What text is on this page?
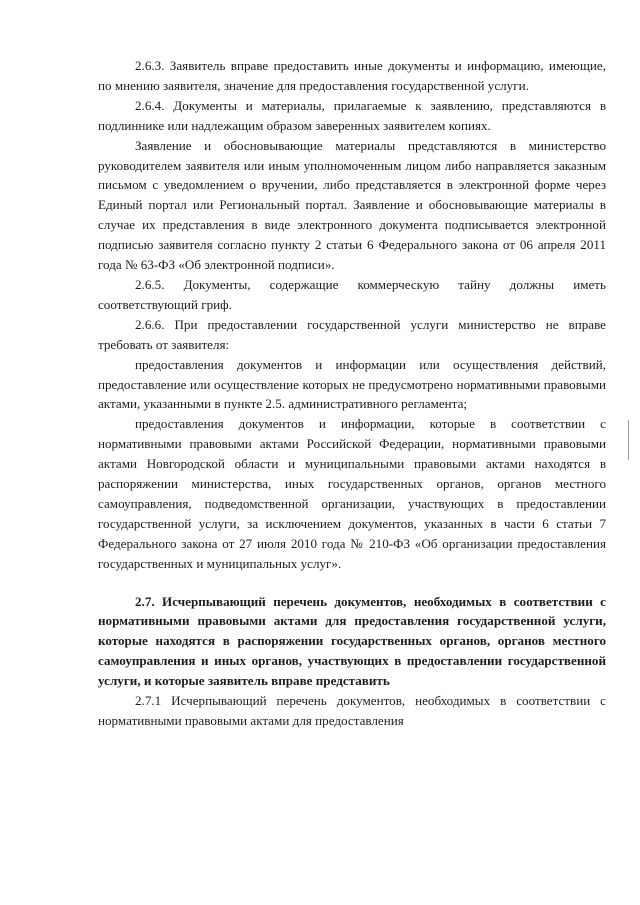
2.6.3. Заявитель вправе предоставить иные документы и информацию, имеющие, по мнению заявителя, значение для предоставления государственной услуги.

2.6.4. Документы и материалы, прилагаемые к заявлению, представляются в подлиннике или надлежащим образом заверенных заявителем копиях.

Заявление и обосновывающие материалы представляются в министерство руководителем заявителя или иным уполномоченным лицом либо направляется заказным письмом с уведомлением о вручении, либо представляется в электронной форме через Единый портал или Региональный портал. Заявление и обосновывающие материалы в случае их представления в виде электронного документа подписывается электронной подписью заявителя согласно пункту 2 статьи 6 Федерального закона от 06 апреля 2011 года № 63-ФЗ «Об электронной подписи».

2.6.5. Документы, содержащие коммерческую тайну должны иметь соответствующий гриф.

2.6.6. При предоставлении государственной услуги министерство не вправе требовать от заявителя:

предоставления документов и информации или осуществления действий, предоставление или осуществление которых не предусмотрено нормативными правовыми актами, указанными в пункте 2.5. административного регламента;

предоставления документов и информации, которые в соответствии с нормативными правовыми актами Российской Федерации, нормативными правовыми актами Новгородской области и муниципальными правовыми актами находятся в распоряжении министерства, иных государственных органов, органов местного самоуправления, подведомственной организации, участвующих в предоставлении государственной услуги, за исключением документов, указанных в части 6 статьи 7 Федерального закона от 27 июля 2010 года № 210-ФЗ «Об организации предоставления государственных и муниципальных услуг».

2.7. Исчерпывающий перечень документов, необходимых в соответствии с нормативными правовыми актами для предоставления государственной услуги, которые находятся в распоряжении государственных органов, органов местного самоуправления и иных органов, участвующих в предоставлении государственной услуги, и которые заявитель вправе представить

2.7.1 Исчерпывающий перечень документов, необходимых в соответствии с нормативными правовыми актами для предоставления
